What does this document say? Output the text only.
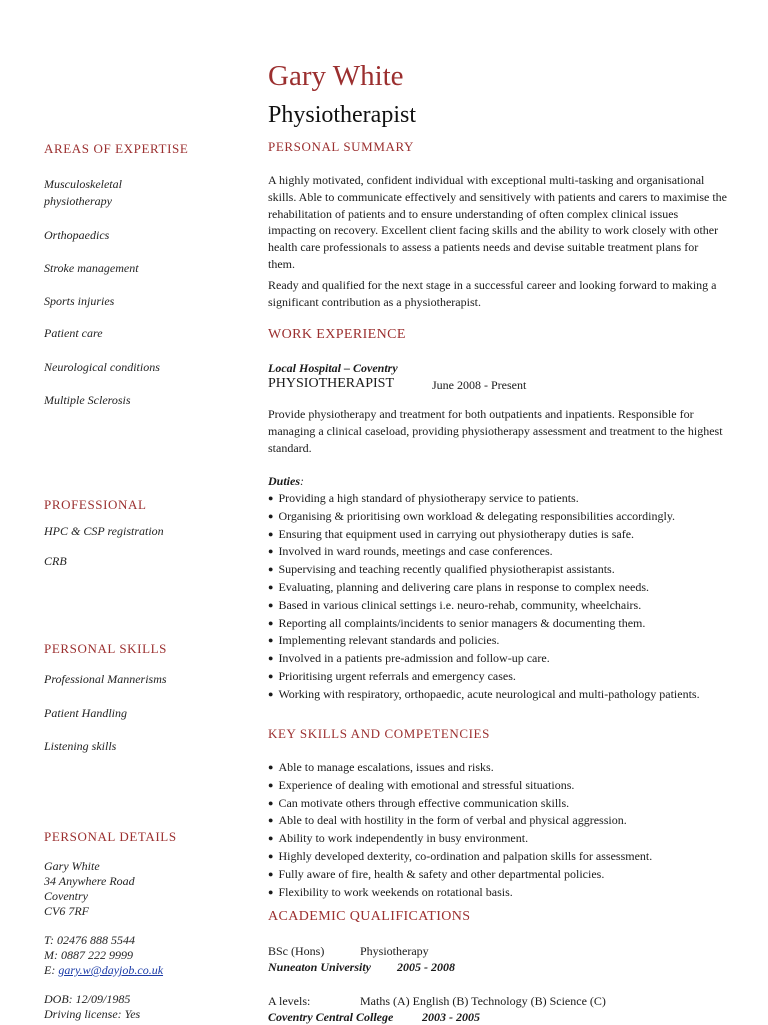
Gary White
Physiotherapist
AREAS OF EXPERTISE
Musculoskeletal
physiotherapy
Orthopaedics
Stroke management
Sports injuries
Patient care
Neurological conditions
Multiple Sclerosis
PROFESSIONAL
HPC & CSP registration
CRB
PERSONAL SKILLS
Professional Mannerisms
Patient Handling
Listening skills
PERSONAL DETAILS
Gary White
34 Anywhere Road
Coventry
CV6 7RF
T: 02476 888 5544
M: 0887 222 9999
E: gary.w@dayjob.co.uk
DOB: 12/09/1985
Driving license: Yes
PERSONAL SUMMARY
A highly motivated, confident individual with exceptional multi-tasking and organisational skills. Able to communicate effectively and sensitively with patients and carers to maximise the rehabilitation of patients and to ensure understanding of often complex clinical issues impacting on recovery. Excellent client facing skills and the ability to work closely with other health care professionals to assess a patients needs and devise suitable treatment plans for them.
Ready and qualified for the next stage in a successful career and looking forward to making a significant contribution as a physiotherapist.
WORK EXPERIENCE
Local Hospital – Coventry
PHYSIOTHERAPIST	June 2008 - Present
Provide physiotherapy and treatment for both outpatients and inpatients. Responsible for managing a clinical caseload, providing physiotherapy assessment and treatment to the highest standard.
Duties:
● Providing a high standard of physiotherapy service to patients.
● Organising & prioritising own workload & delegating responsibilities accordingly.
● Ensuring that equipment used in carrying out physiotherapy duties is safe.
● Involved in ward rounds, meetings and case conferences.
● Supervising and teaching recently qualified physiotherapist assistants.
● Evaluating, planning and delivering care plans in response to complex needs.
● Based in various clinical settings i.e. neuro-rehab, community, wheelchairs.
● Reporting all complaints/incidents to senior managers & documenting them.
● Implementing relevant standards and policies.
● Involved in a patients pre-admission and follow-up care.
● Prioritising urgent referrals and emergency cases.
● Working with respiratory, orthopaedic, acute neurological and multi-pathology patients.
KEY SKILLS AND COMPETENCIES
● Able to manage escalations, issues and risks.
● Experience of dealing with emotional and stressful situations.
● Can motivate others through effective communication skills.
● Able to deal with hostility in the form of verbal and physical aggression.
● Ability to work independently in busy environment.
● Highly developed dexterity, co-ordination and palpation skills for assessment.
● Fully aware of fire, health & safety and other departmental policies.
● Flexibility to work weekends on rotational basis.
ACADEMIC QUALIFICATIONS
BSc (Hons)	Physiotherapy
Nuneaton University 2005 - 2008
A levels:	Maths (A) English (B) Technology (B) Science (C)
Coventry Central College 2003 - 2005
